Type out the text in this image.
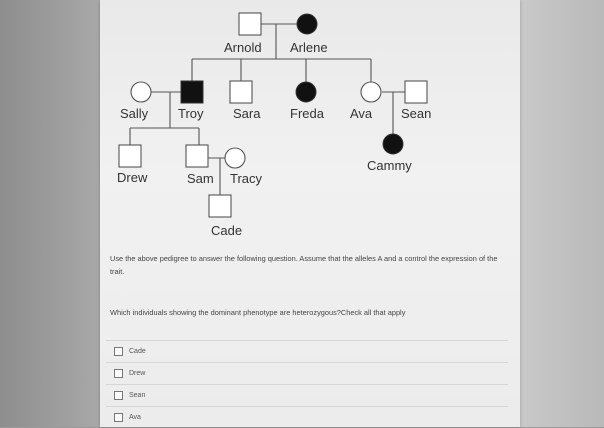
Arnold Arlene
Sally Troy Sara Freda Ava Sean
Cammy
Drew	Sam Tracy
Cade
Use the above pedigree to answer the following question. Assume that the alleles A and a control the expression of the trait.
Which individuals showing the dominant phenotype are heterozygous?Check all that apply
Cade
Drew
Sean
Ava
